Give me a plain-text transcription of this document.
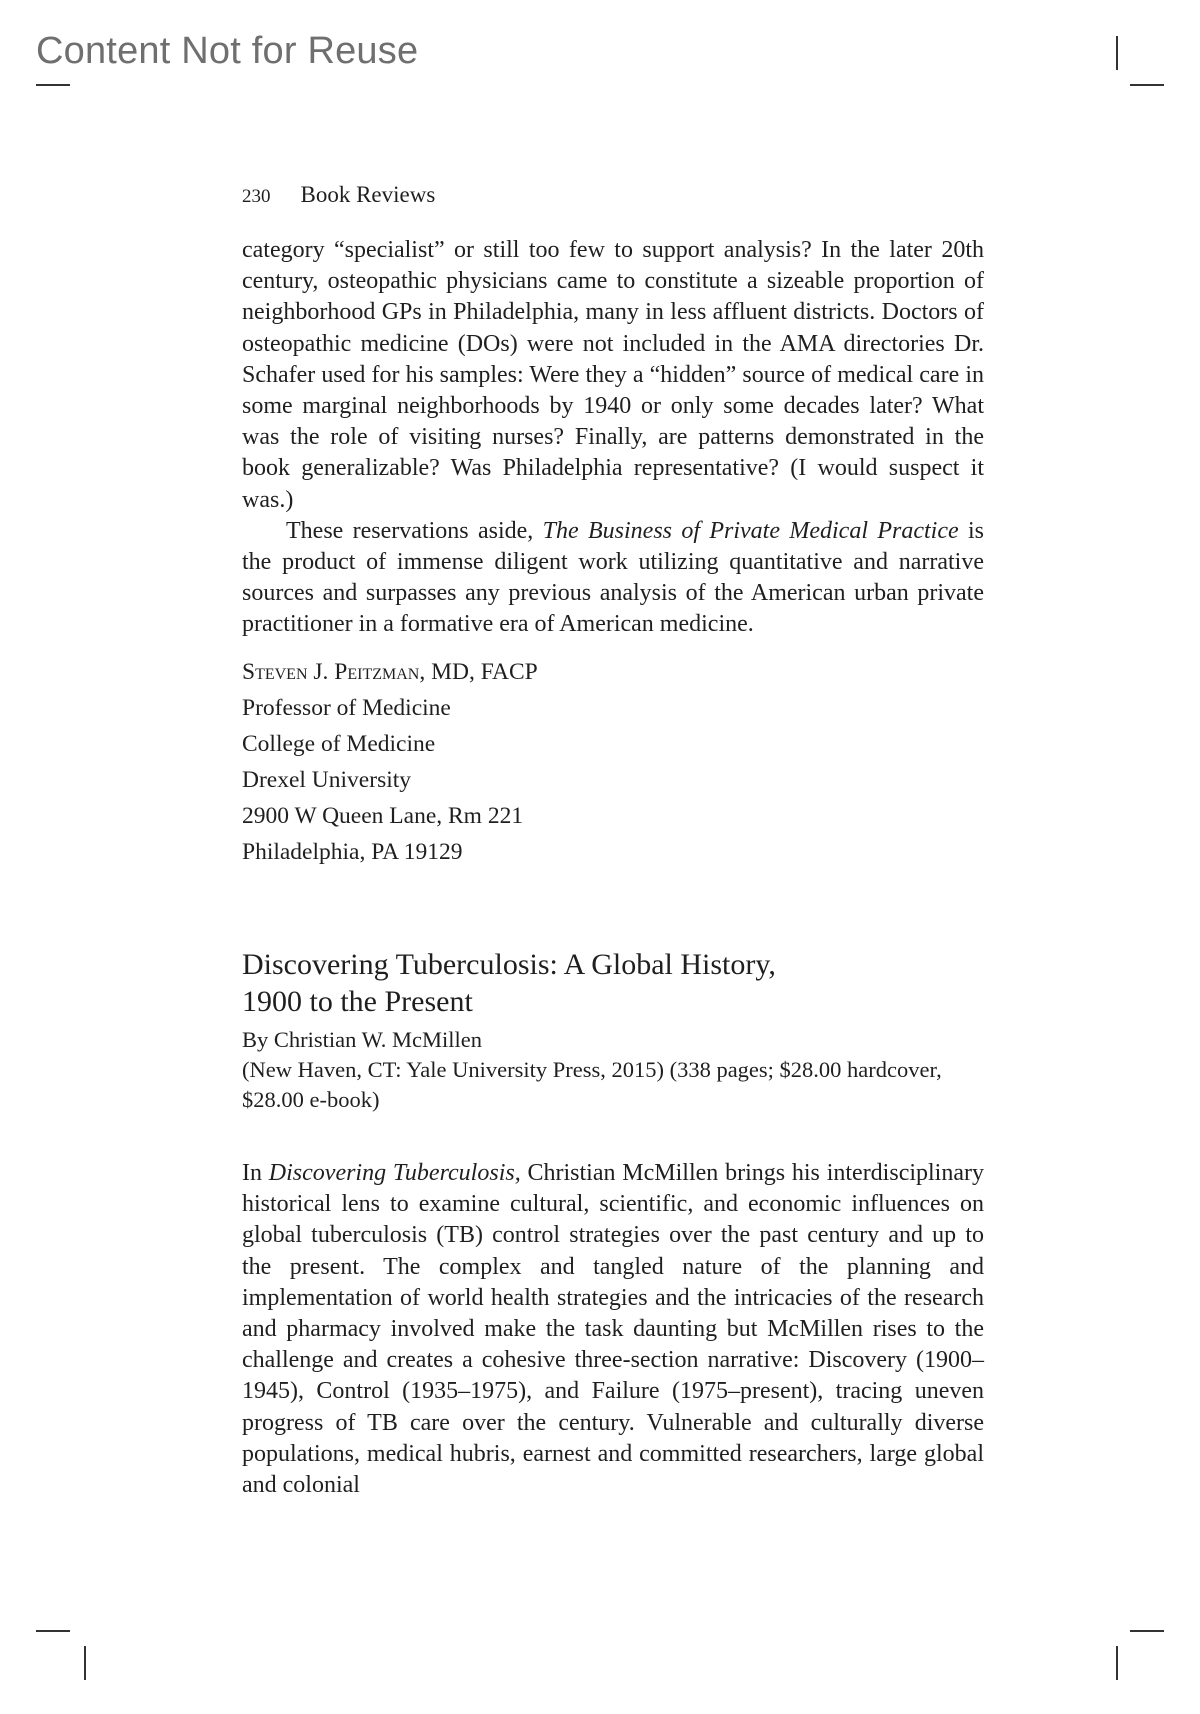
Content Not for Reuse
230 Book Reviews

category “specialist” or still too few to support analysis? In the later 20th century, osteopathic physicians came to constitute a sizeable proportion of neighborhood GPs in Philadelphia, many in less affluent districts. Doctors of osteopathic medicine (DOs) were not included in the AMA directories Dr. Schafer used for his samples: Were they a “hidden” source of medical care in some marginal neighborhoods by 1940 or only some decades later? What was the role of visiting nurses? Finally, are patterns demonstrated in the book generalizable? Was Philadelphia representative? (I would suspect it was.)

These reservations aside, The Business of Private Medical Practice is the product of immense diligent work utilizing quantitative and narrative sources and surpasses any previous analysis of the American urban private practitioner in a formative era of American medicine.

Steven J. Peitzman, MD, FACP
Professor of Medicine
College of Medicine
Drexel University
2900 W Queen Lane, Rm 221
Philadelphia, PA 19129
Discovering Tuberculosis: A Global History,
1900 to the Present
By Christian W. McMillen
(New Haven, CT: Yale University Press, 2015) (338 pages; $28.00 hardcover, $28.00 e-book)

In Discovering Tuberculosis, Christian McMillen brings his interdisciplinary historical lens to examine cultural, scientific, and economic influences on global tuberculosis (TB) control strategies over the past century and up to the present. The complex and tangled nature of the planning and implementation of world health strategies and the intricacies of the research and pharmacy involved make the task daunting but McMillen rises to the challenge and creates a cohesive three-section narrative: Discovery (1900–1945), Control (1935–1975), and Failure (1975–present), tracing uneven progress of TB care over the century. Vulnerable and culturally diverse populations, medical hubris, earnest and committed researchers, large global and colonial
